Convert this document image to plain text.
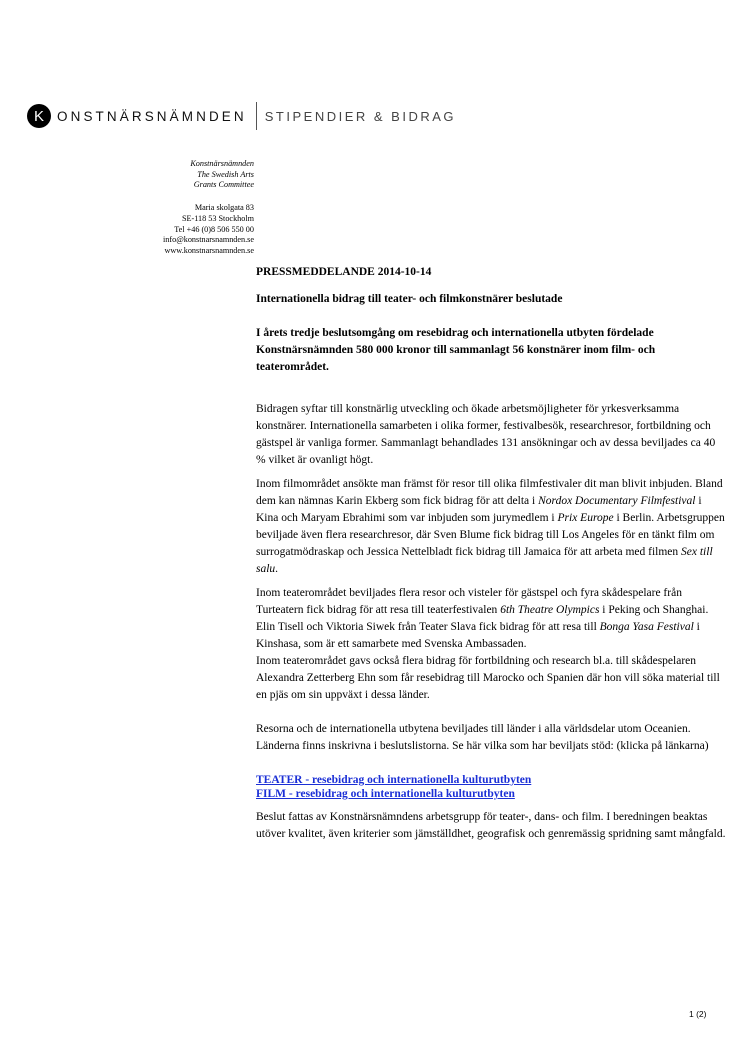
K ONSTNÄRSNÄMNDEN STIPENDIER & BIDRAG
Konstnärsnämnden
The Swedish Arts
Grants Committee
Maria skolgata 83
SE-118 53 Stockholm
Tel +46 (0)8 506 550 00
info@konstnarsnamnden.se
www.konstnarsnamnden.se

PRESSMEDDELANDE 2014-10-14

Internationella bidrag till teater- och filmkonstnärer beslutade

I årets tredje beslutsomgång om resebidrag och internationella utbyten fördelade Konstnärsnämnden 580 000 kronor till sammanlagt 56 konstnärer inom film- och teaterområdet.

Bidragen syftar till konstnärlig utveckling och ökade arbetsmöjligheter för yrkesverksamma konstnärer. Internationella samarbeten i olika former, festivalbesök, researchresor, fortbildning och gästspel är vanliga former. Sammanlagt behandlades 131 ansökningar och av dessa beviljades ca 40 % vilket är ovanligt högt.

Inom filmområdet ansökte man främst för resor till olika filmfestivaler dit man blivit inbjuden. Bland dem kan nämnas Karin Ekberg som fick bidrag för att delta i Nordox Documentary Filmfestival i Kina och Maryam Ebrahimi som var inbjuden som jurymedlem i Prix Europe i Berlin. Arbetsgruppen beviljade även flera researchresor, där Sven Blume fick bidrag till Los Angeles för en tänkt film om surrogatmödraskap och Jessica Nettelbladt fick bidrag till Jamaica för att arbeta med filmen Sex till salu.

Inom teaterområdet beviljades flera resor och visteler för gästspel och fyra skådespelare från Turteatern fick bidrag för att resa till teaterfestivalen 6th Theatre Olympics i Peking och Shanghai. Elin Tisell och Viktoria Siwek från Teater Slava fick bidrag för att resa till Bonga Yasa Festival i Kinshasa, som är ett samarbete med Svenska Ambassaden.

Inom teaterområdet gavs också flera bidrag för fortbildning och research bl.a. till skådespelaren Alexandra Zetterberg Ehn som får resebidrag till Marocko och Spanien där hon vill söka material till en pjäs om sin uppväxt i dessa länder.

Resorna och de internationella utbytena beviljades till länder i alla världsdelar utom Oceanien. Länderna finns inskrivna i beslutslistorna. Se här vilka som har beviljats stöd: (klicka på länkarna)

TEATER - resebidrag och internationella kulturutbyten
FILM - resebidrag och internationella kulturutbyten

Beslut fattas av Konstnärsnämndens arbetsgrupp för teater-, dans- och film. I beredningen beaktas utöver kvalitet, även kriterier som jämställdhet, geografisk och genremässig spridning samt mångfald.

1 (2)
